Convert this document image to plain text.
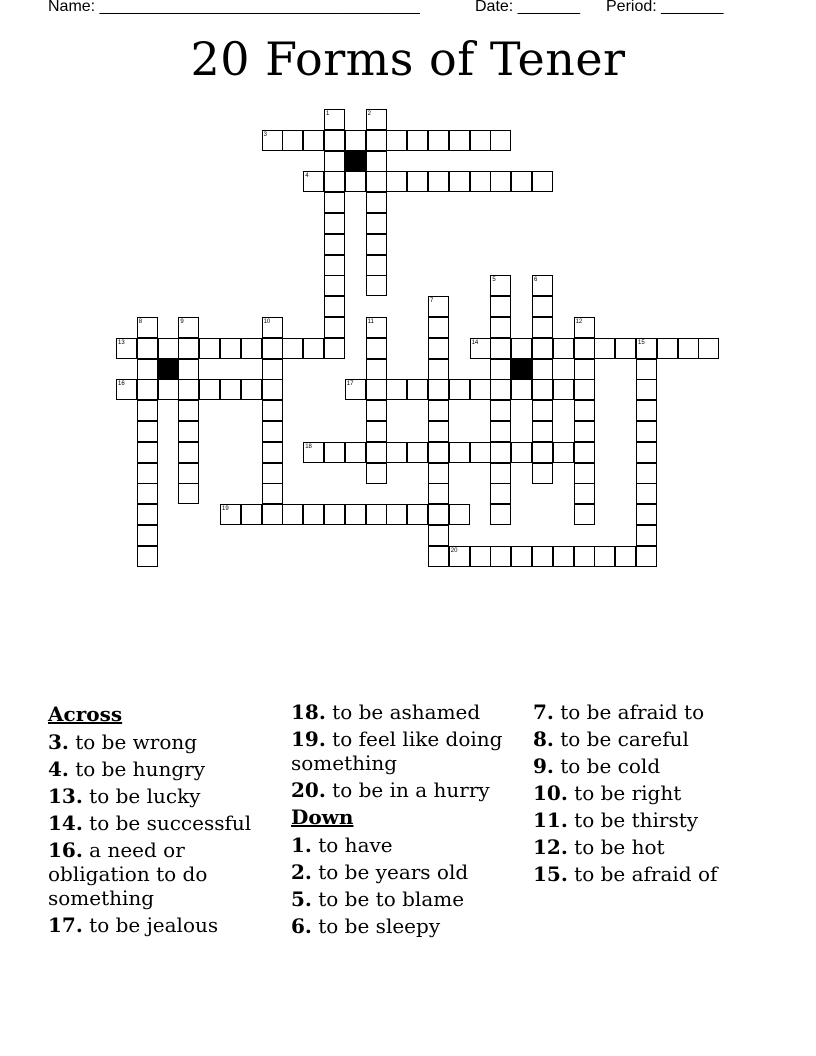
Name: ____________________________________	Date: _______ Period: _______
20 Forms of Tener
1	2
3
4
5	6
7
8	9	10	11	12
13	14	15
16	17
18
19
20
Across
3. to be wrong
4. to be hungry
13. to be lucky
14. to be successful
16. a need or obligation to do something
17. to be jealous
18. to be ashamed
19. to feel like doing something
20. to be in a hurry
Down
1. to have
2. to be years old
5. to be to blame
6. to be sleepy
7. to be afraid to
8. to be careful
9. to be cold
10. to be right
11. to be thirsty
12. to be hot
15. to be afraid of
